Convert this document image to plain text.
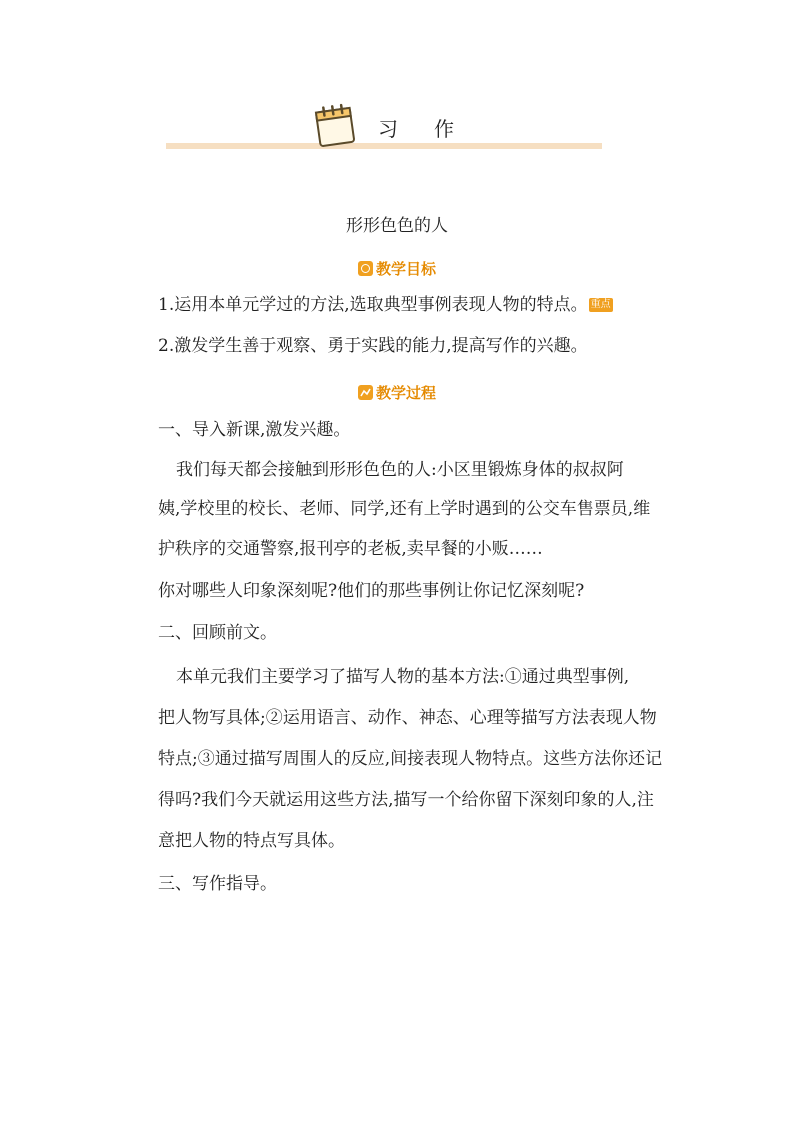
习作
形形色色的人
教学目标
1.运用本单元学过的方法,选取典型事例表现人物的特点。 重点
2.激发学生善于观察、勇于实践的能力,提高写作的兴趣。
教学过程
一、导入新课,激发兴趣。
我们每天都会接触到形形色色的人:小区里锻炼身体的叔叔阿
姨,学校里的校长、老师、同学,还有上学时遇到的公交车售票员,维
护秩序的交通警察,报刊亭的老板,卖早餐的小贩……
你对哪些人印象深刻呢?他们的那些事例让你记忆深刻呢?
二、回顾前文。
本单元我们主要学习了描写人物的基本方法:①通过典型事例,
把人物写具体;②运用语言、动作、神态、心理等描写方法表现人物
特点;③通过描写周围人的反应,间接表现人物特点。这些方法你还记
得吗?我们今天就运用这些方法,描写一个给你留下深刻印象的人,注
意把人物的特点写具体。
三、写作指导。
